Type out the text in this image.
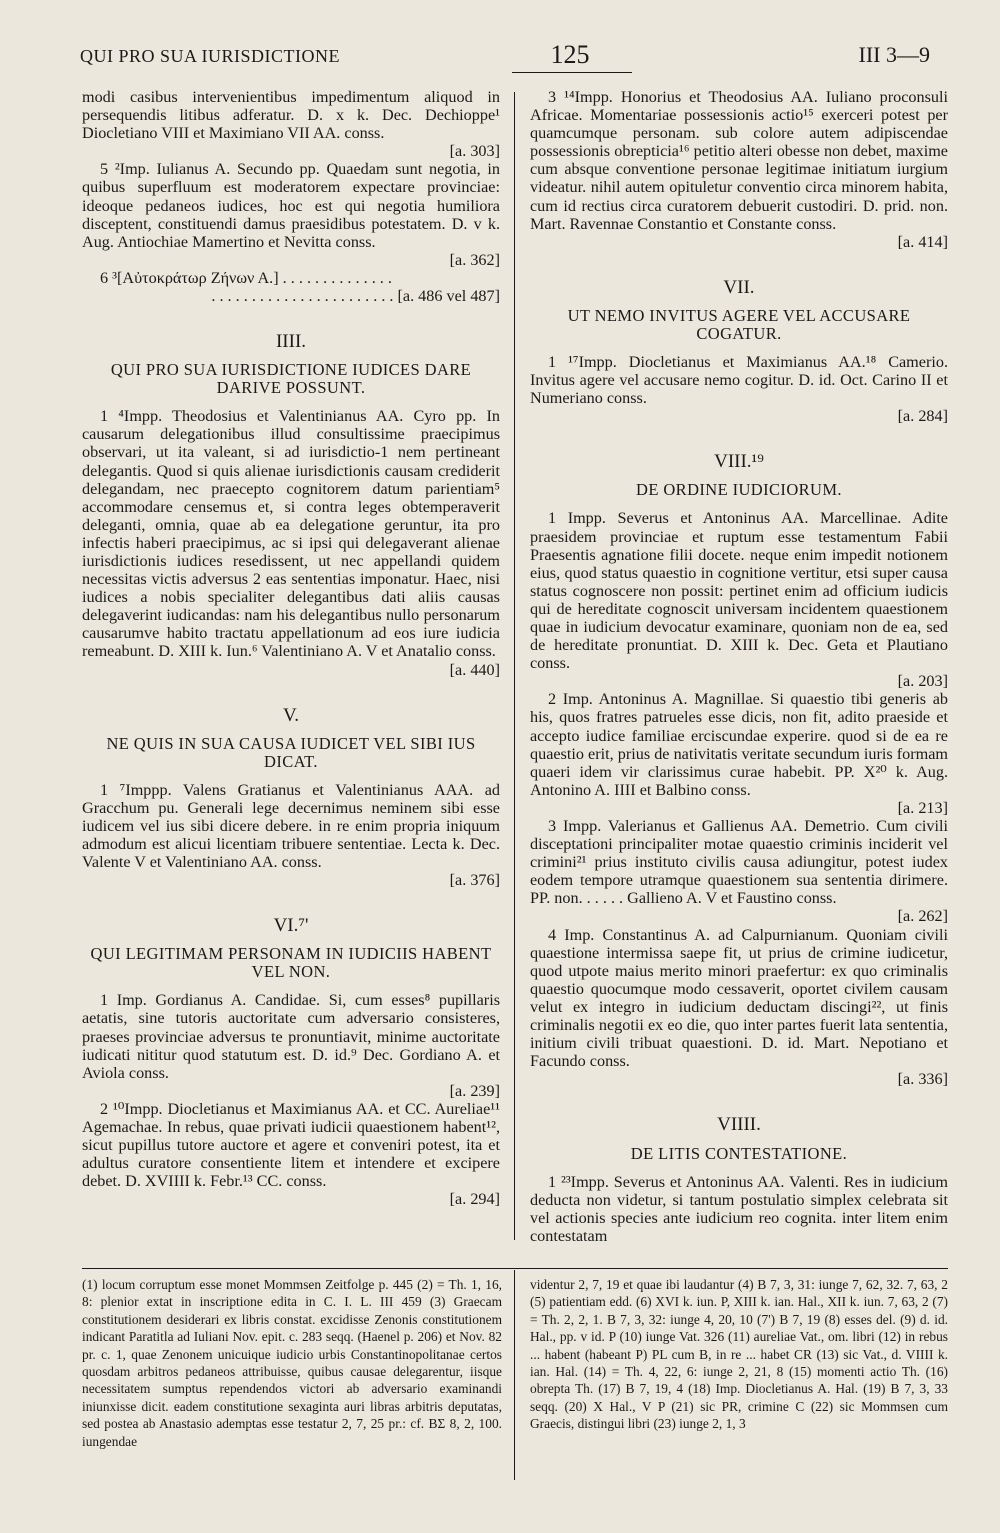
QUI PRO SUA IURISDICTIONE	125	III 3—9

modi casibus intervenientibus impedimentum aliquod in persequendis litibus adferatur. D. x k. Dec. Dechioppe¹ Diocletiano VIII et Maximiano VII AA. conss.

[a. 303]

5 ²Imp. Iulianus A. Secundo pp. Quaedam sunt negotia, in quibus superfluum est moderatorem expectare provinciae: ideoque pedaneos iudices, hoc est qui negotia humiliora disceptent, constituendi damus praesidibus potestatem. D. v k. Aug. Antiochiae Mamertino et Nevitta conss.

[a. 362]

6 ³[Αὐτοκράτωρ Ζήνων Α.] . . . . . . . . . . . . . .

. . . . . . . . . . . . . . . . . . . . . . . [a. 486 vel 487]

IIII.
QUI PRO SUA IURISDICTIONE IUDICES DARE DARIVE POSSUNT.

1 ⁴Impp. Theodosius et Valentinianus AA. Cyro pp. In causarum delegationibus illud consultissime praecipimus observari, ut ita valeant, si ad iurisdictio-1 nem pertineant delegantis. Quod si quis alienae iurisdictionis causam crediderit delegandam, nec praecepto cognitorem datum parientiam⁵ accommodare censemus et, si contra leges obtemperaverit deleganti, omnia, quae ab ea delegatione geruntur, ita pro infectis haberi praecipimus, ac si ipsi qui delegaverant alienae iurisdictionis iudices resedissent, ut nec appellandi quidem necessitas victis adversus 2 eas sententias imponatur. Haec, nisi iudices a nobis specialiter delegantibus dati aliis causas delegaverint iudicandas: nam his delegantibus nullo personarum causarumve habito tractatu appellationum ad eos iure iudicia remeabunt. D. XIII k. Iun.⁶ Valentiniano A. V et Anatalio conss.

[a. 440]

V.
NE QUIS IN SUA CAUSA IUDICET VEL SIBI IUS DICAT.

1 ⁷Imppp. Valens Gratianus et Valentinianus AAA. ad Gracchum pu. Generali lege decernimus neminem sibi esse iudicem vel ius sibi dicere debere. in re enim propria iniquum admodum est alicui licentiam tribuere sententiae. Lecta k. Dec. Valente V et Valentiniano AA. conss.

[a. 376]

VI.⁷'
QUI LEGITIMAM PERSONAM IN IUDICIIS HABENT VEL NON.

1 Imp. Gordianus A. Candidae. Si, cum esses⁸ pupillaris aetatis, sine tutoris auctoritate cum adversario consisteres, praeses provinciae adversus te pronuntiavit, minime auctoritate iudicati nititur quod statutum est. D. id.⁹ Dec. Gordiano A. et Aviola conss.

[a. 239]

2 ¹⁰Impp. Diocletianus et Maximianus AA. et CC. Aureliae¹¹ Agemachae. In rebus, quae privati iudicii quaestionem habent¹², sicut pupillus tutore auctore et agere et conveniri potest, ita et adultus curatore consentiente litem et intendere et excipere debet. D. XVIIII k. Febr.¹³ CC. conss.

[a. 294]

3 ¹⁴Impp. Honorius et Theodosius AA. Iuliano proconsuli Africae. Momentariae possessionis actio¹⁵ exerceri potest per quamcumque personam. sub colore autem adipiscendae possessionis obrepticia¹⁶ petitio alteri obesse non debet, maxime cum absque conventione personae legitimae initiatum iurgium videatur. nihil autem opituletur conventio circa minorem habita, cum id rectius circa curatorem debuerit custodiri. D. prid. non. Mart. Ravennae Constantio et Constante conss.

[a. 414]

VII.
UT NEMO INVITUS AGERE VEL ACCUSARE COGATUR.

1 ¹⁷Impp. Diocletianus et Maximianus AA.¹⁸ Camerio. Invitus agere vel accusare nemo cogitur. D. id. Oct. Carino II et Numeriano conss.

[a. 284]

VIII.¹⁹
DE ORDINE IUDICIORUM.

1 Impp. Severus et Antoninus AA. Marcellinae. Adite praesidem provinciae et ruptum esse testamentum Fabii Praesentis agnatione filii docete. neque enim impedit notionem eius, quod status quaestio in cognitione vertitur, etsi super causa status cognoscere non possit: pertinet enim ad officium iudicis qui de hereditate cognoscit universam incidentem quaestionem quae in iudicium devocatur examinare, quoniam non de ea, sed de hereditate pronuntiat. D. XIII k. Dec. Geta et Plautiano conss.

[a. 203]

2 Imp. Antoninus A. Magnillae. Si quaestio tibi generis ab his, quos fratres patrueles esse dicis, non fit, adito praeside et accepto iudice familiae erciscundae experire. quod si de ea re quaestio erit, prius de nativitatis veritate secundum iuris formam quaeri idem vir clarissimus curae habebit. PP. X²⁰ k. Aug. Antonino A. IIII et Balbino conss.

[a. 213]

3 Impp. Valerianus et Gallienus AA. Demetrio. Cum civili disceptationi principaliter motae quaestio criminis inciderit vel crimini²¹ prius instituto civilis causa adiungitur, potest iudex eodem tempore utramque quaestionem sua sententia dirimere. PP. non. . . . . . Gallieno A. V et Faustino conss.

[a. 262]

4 Imp. Constantinus A. ad Calpurnianum. Quoniam civili quaestione intermissa saepe fit, ut prius de crimine iudicetur, quod utpote maius merito minori praefertur: ex quo criminalis quaestio quocumque modo cessaverit, oportet civilem causam velut ex integro in iudicium deductam discingi²², ut finis criminalis negotii ex eo die, quo inter partes fuerit lata sententia, initium civili tribuat quaestioni. D. id. Mart. Nepotiano et Facundo conss.

[a. 336]

VIIII.
DE LITIS CONTESTATIONE.

1 ²³Impp. Severus et Antoninus AA. Valenti. Res in iudicium deducta non videtur, si tantum postulatio simplex celebrata sit vel actionis species ante iudicium reo cognita. inter litem enim contestatam

(1) locum corruptum esse monet Mommsen Zeitfolge p. 445 (2) = Th. 1, 16, 8: plenior extat in inscriptione edita in C. I. L. III 459 (3) Graecam constitutionem desiderari ex libris constat. excidisse Zenonis constitutionem indicant Paratitla ad Iuliani Nov. epit. c. 283 seqq. (Haenel p. 206) et Nov. 82 pr. c. 1, quae Zenonem unicuique iudicio urbis Constantinopolitanae certos quosdam arbitros pedaneos attribuisse, quibus causae delegarentur, iisque necessitatem sumptus rependendos victori ab adversario examinandi iniunxisse dicit. eadem constitutione sexaginta auri libras arbitris deputatas, sed postea ab Anastasio ademptas esse testatur 2, 7, 25 pr.: cf. BΣ 8, 2, 100. iungendae

videntur 2, 7, 19 et quae ibi laudantur (4) B 7, 3, 31: iunge 7, 62, 32. 7, 63, 2 (5) patientiam edd. (6) XVI k. iun. P, XIII k. ian. Hal., XII k. iun. 7, 63, 2 (7) = Th. 2, 2, 1. B 7, 3, 32: iunge 4, 20, 10 (7') B 7, 19 (8) esses del. (9) d. id. Hal., pp. v id. P (10) iunge Vat. 326 (11) aureliae Vat., om. libri (12) in rebus ... habent (habeant P) PL cum B, in re ... habet CR (13) sic Vat., d. VIIII k. ian. Hal. (14) = Th. 4, 22, 6: iunge 2, 21, 8 (15) momenti actio Th. (16) obrepta Th. (17) B 7, 19, 4 (18) Imp. Diocletianus A. Hal. (19) B 7, 3, 33 seqq. (20) X Hal., V P (21) sic PR, crimine C (22) sic Mommsen cum Graecis, distingui libri (23) iunge 2, 1, 3
